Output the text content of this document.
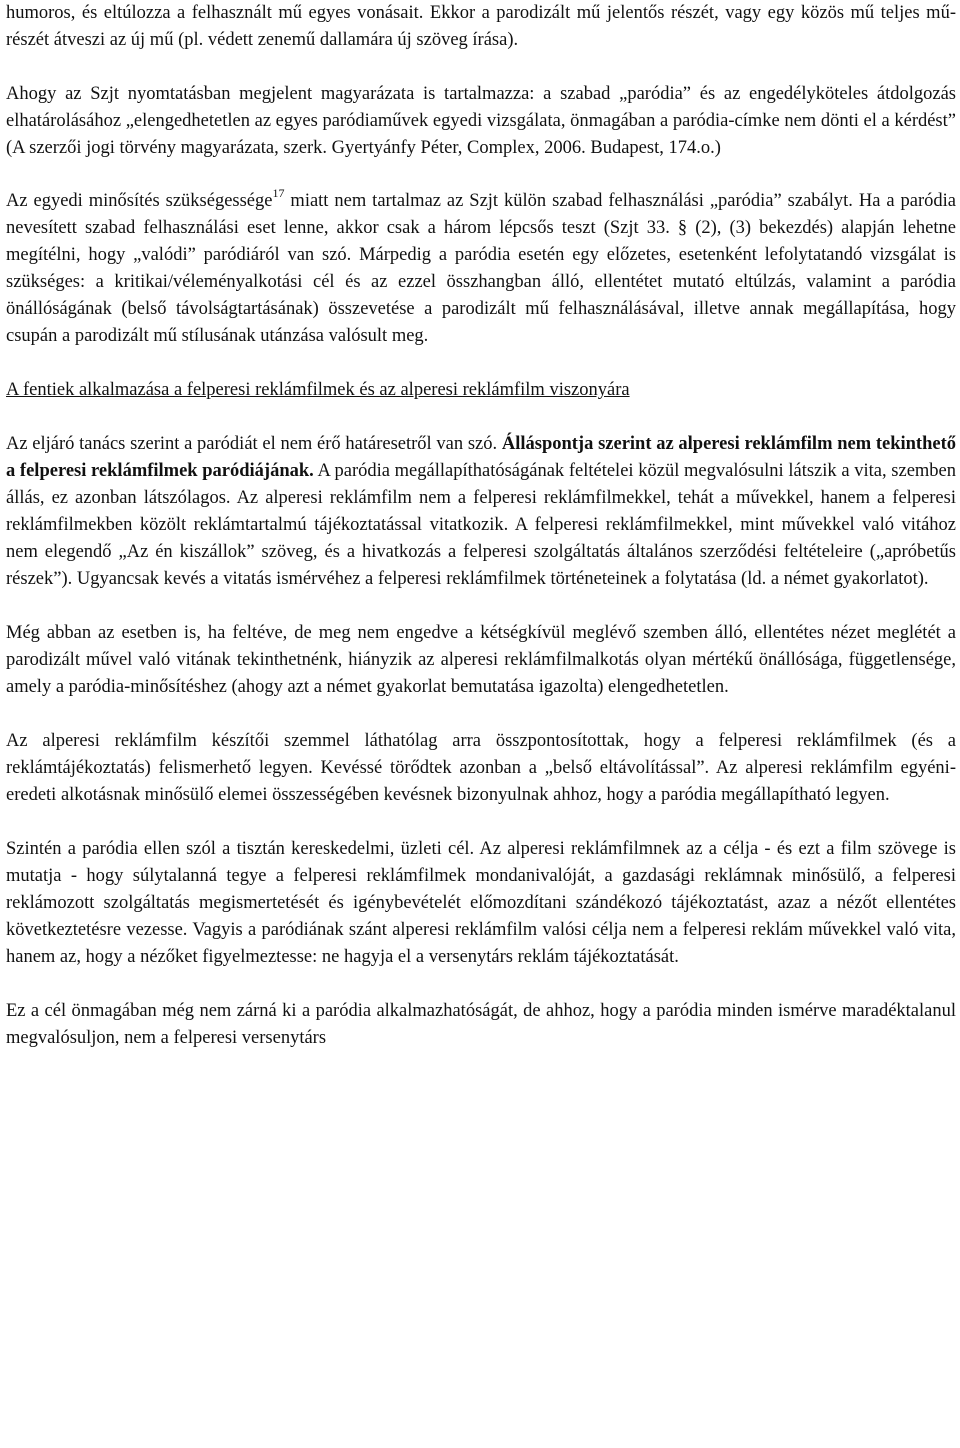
humoros, és eltúlozza a felhasznált mű egyes vonásait. Ekkor a parodizált mű jelentős részét, vagy egy közös mű teljes mű-részét átveszi az új mű (pl. védett zenemű dallamára új szöveg írása).

Ahogy az Szjt nyomtatásban megjelent magyarázata is tartalmazza: a szabad „paródia” és az engedélyköteles átdolgozás elhatárolásához „elengedhetetlen az egyes paródiaművek egyedi vizsgálata, önmagában a paródia-címke nem dönti el a kérdést” (A szerzői jogi törvény magyarázata, szerk. Gyertyánfy Péter, Complex, 2006. Budapest, 174.o.)

Az egyedi minősítés szükségessége$^{17}$ miatt nem tartalmaz az Szjt külön szabad felhasználási „paródia” szabályt. Ha a paródia nevesített szabad felhasználási eset lenne, akkor csak a három lépcsős teszt (Szjt 33. § (2), (3) bekezdés) alapján lehetne megítélni, hogy „valódi” paródiáról van szó. Márpedig a paródia esetén egy előzetes, esetenként lefolytatandó vizsgálat is szükséges: a kritikai/véleményalkotási cél és az ezzel összhangban álló, ellentétet mutató eltúlzás, valamint a paródia önállóságának (belső távolságtartásának) összevetése a parodizált mű felhasználásával, illetve annak megállapítása, hogy csupán a parodizált mű stílusának utánzása valósult meg.

A fentiek alkalmazása a felperesi reklámfilmek és az alperesi reklámfilm viszonyára

Az eljáró tanács szerint a paródiát el nem érő határesetről van szó. Álláspontja szerint az alperesi reklámfilm nem tekinthető a felperesi reklámfilmek paródiájának. A paródia megállapíthatóságának feltételei közül megvalósulni látszik a vita, szemben állás, ez azonban látszólagos. Az alperesi reklámfilm nem a felperesi reklámfilmekkel, tehát a művekkel, hanem a felperesi reklámfilmekben közölt reklámtartalmú tájékoztatással vitatkozik. A felperesi reklámfilmekkel, mint művekkel való vitához nem elegendő „Az én kiszállok” szöveg, és a hivatkozás a felperesi szolgáltatás általános szerződési feltételeire („apróbetűs részek”). Ugyancsak kevés a vitatás ismérvéhez a felperesi reklámfilmek történeteinek a folytatása (ld. a német gyakorlatot).

Még abban az esetben is, ha feltéve, de meg nem engedve a kétségkívül meglévő szemben álló, ellentétes nézet meglétét a parodizált művel való vitának tekinthetnénk, hiányzik az alperesi reklámfilmalkotás olyan mértékű önállósága, függetlensége, amely a paródia-minősítéshez (ahogy azt a német gyakorlat bemutatása igazolta) elengedhetetlen.

Az alperesi reklámfilm készítői szemmel láthatólag arra összpontosítottak, hogy a felperesi reklámfilmek (és a reklámtájékoztatás) felismerhető legyen. Kevéssé törődtek azonban a „belső eltávolítással”. Az alperesi reklámfilm egyéni-eredeti alkotásnak minősülő elemei összességében kevésnek bizonyulnak ahhoz, hogy a paródia megállapítható legyen.

Szintén a paródia ellen szól a tisztán kereskedelmi, üzleti cél. Az alperesi reklámfilmnek az a célja - és ezt a film szövege is mutatja - hogy súlytalanná tegye a felperesi reklámfilmek mondanivalóját, a gazdasági reklámnak minősülő, a felperesi reklámozott szolgáltatás megismertetését és igénybevételét előmozdítani szándékozó tájékoztatást, azaz a nézőt ellentétes következtetésre vezesse. Vagyis a paródiának szánt alperesi reklámfilm valósi célja nem a felperesi reklám művekkel való vita, hanem az, hogy a nézőket figyelmeztesse: ne hagyja el a versenytárs reklám tájékoztatását.

Ez a cél önmagában még nem zárná ki a paródia alkalmazhatóságát, de ahhoz, hogy a paródia minden ismérve maradéktalanul megvalósuljon, nem a felperesi versenytárs
